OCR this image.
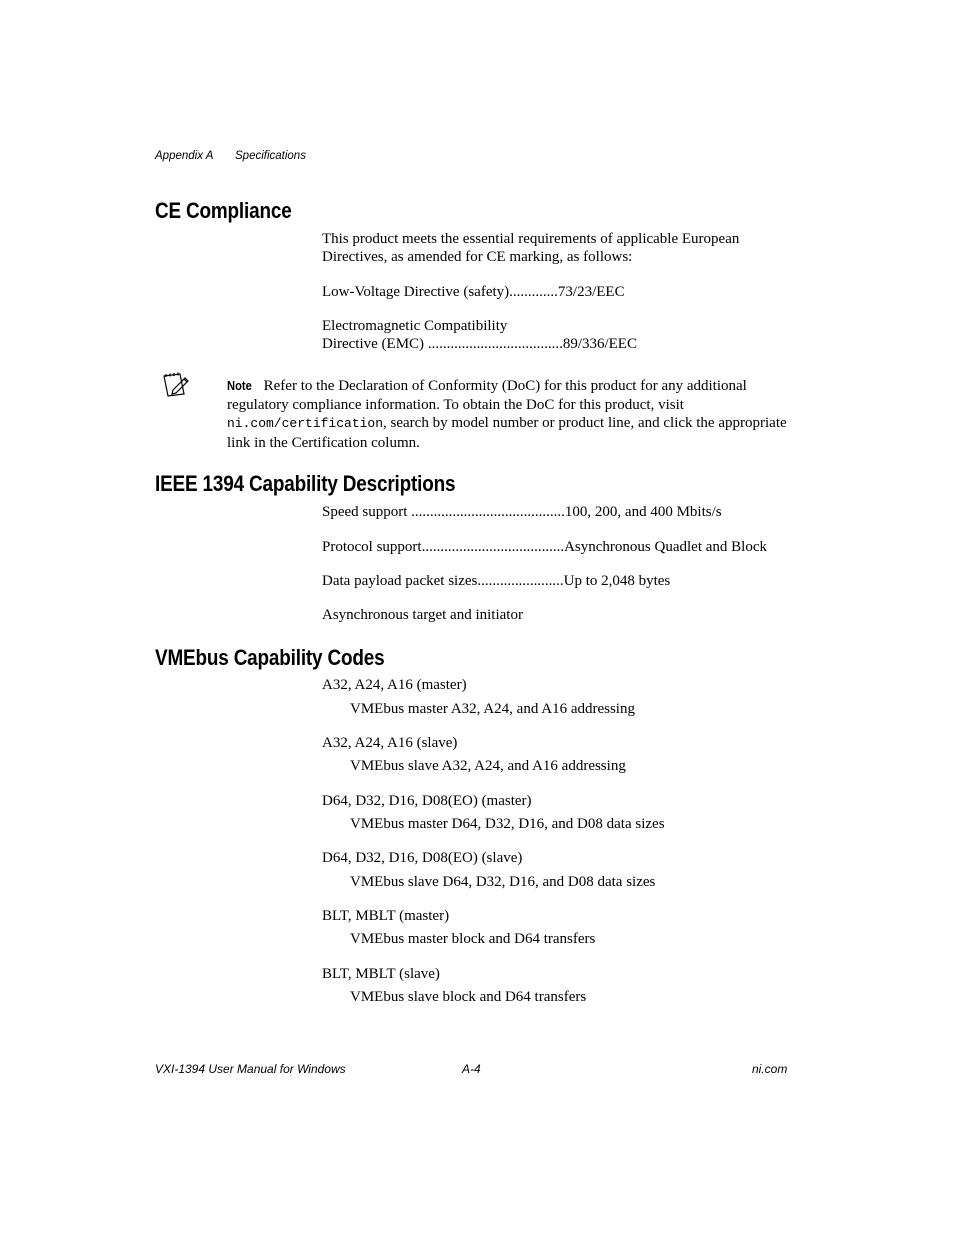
Appendix A Specifications
CE Compliance
This product meets the essential requirements of applicable European
Directives, as amended for CE marking, as follows:
Low-Voltage Directive (safety).............73/23/EEC
Electromagnetic Compatibility
Directive (EMC) ....................................89/336/EEC
Note Refer to the Declaration of Conformity (DoC) for this product for any additional regulatory compliance information. To obtain the DoC for this product, visit ni.com/certification, search by model number or product line, and click the appropriate link in the Certification column.
IEEE 1394 Capability Descriptions
Speed support .........................................100, 200, and 400 Mbits/s
Protocol support......................................Asynchronous Quadlet and Block
Data payload packet sizes.......................Up to 2,048 bytes
Asynchronous target and initiator
VMEbus Capability Codes
A32, A24, A16 (master)
VMEbus master A32, A24, and A16 addressing
A32, A24, A16 (slave)
VMEbus slave A32, A24, and A16 addressing
D64, D32, D16, D08(EO) (master)
VMEbus master D64, D32, D16, and D08 data sizes
D64, D32, D16, D08(EO) (slave)
VMEbus slave D64, D32, D16, and D08 data sizes
BLT, MBLT (master)
VMEbus master block and D64 transfers
BLT, MBLT (slave)
VMEbus slave block and D64 transfers
VXI-1394 User Manual for Windows	A-4	ni.com
